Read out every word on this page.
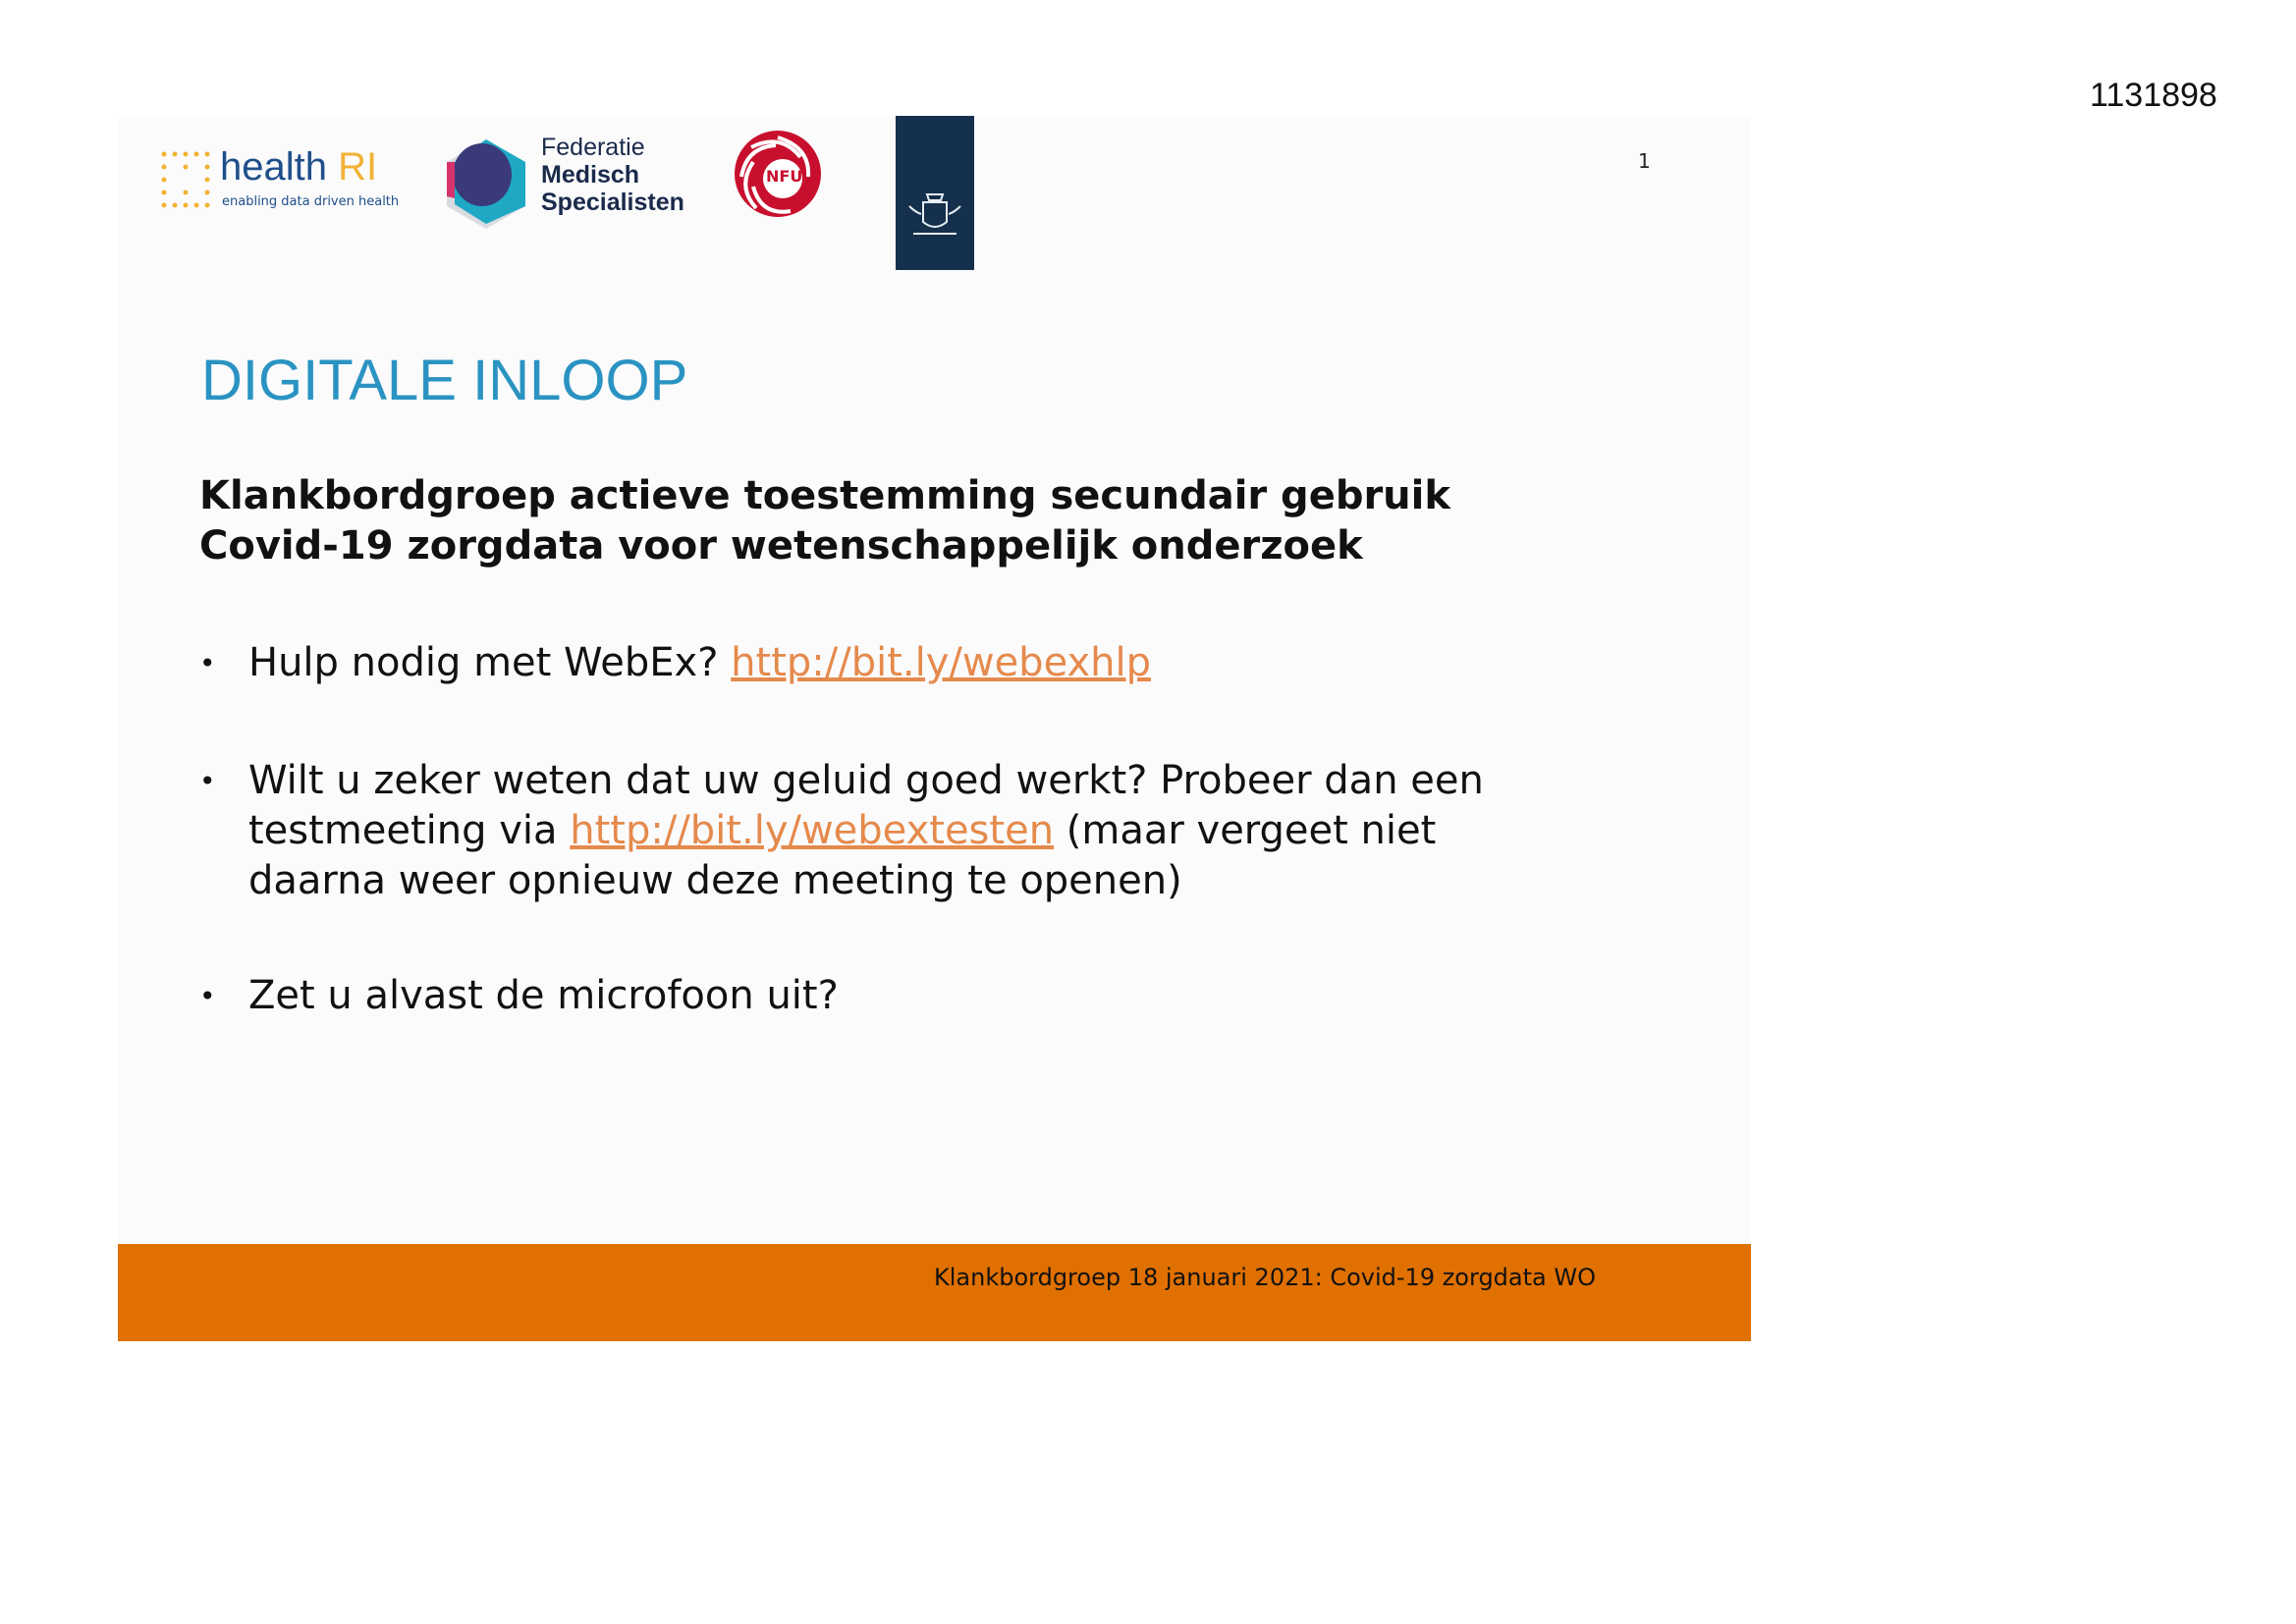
1131898
1
health RI
enabling data driven health
Federatie
Medisch
Specialisten
NFU
DIGITALE INLOOP
Klankbordgroep actieve toestemming secundair gebruik
Covid-19 zorgdata voor wetenschappelijk onderzoek
• Hulp nodig met WebEx? http://bit.ly/webexhlp
• Wilt u zeker weten dat uw geluid goed werkt? Probeer dan een
testmeeting via http://bit.ly/webextesten (maar vergeet niet
daarna weer opnieuw deze meeting te openen)
• Zet u alvast de microfoon uit?
Klankbordgroep 18 januari 2021: Covid-19 zorgdata WO
